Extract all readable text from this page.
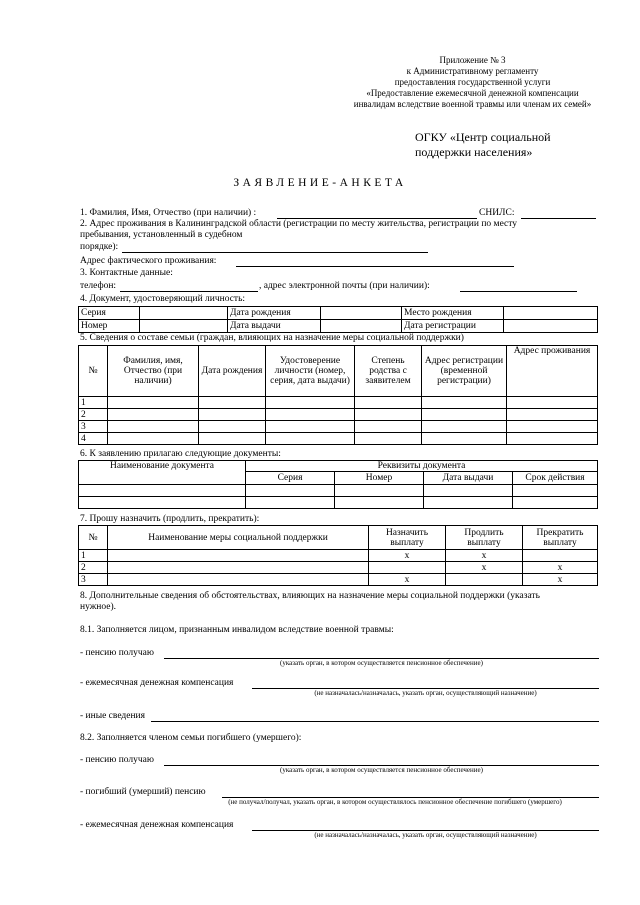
Приложение № 3
к Административному регламенту
предоставления государственной услуги
«Предоставление ежемесячной денежной компенсации
инвалидам вследствие военной травмы или членам их семей»
ОГКУ «Центр социальной
поддержки населения»
ЗАЯВЛЕНИЕ-АНКЕТА
1. Фамилия, Имя, Отчество (при наличии) :	СНИЛС:
2. Адрес проживания в Калининградской области (регистрации по месту жительства, регистрации по месту
пребывания, установленный в судебном
порядке):
Адрес фактического проживания:
3. Контактные данные:
телефон:	, адрес электронной почты (при наличии):
4. Документ, удостоверяющий личность:
Серия		Дата рождения		Место рождения	
Номер		Дата выдачи		Дата регистрации	
5. Сведения о составе семьи (граждан, влияющих на назначение меры социальной поддержки)
№	Фамилия, имя, Отчество (при наличии)	Дата рождения	Удостоверение личности (номер, серия, дата выдачи)	Степень родства с заявителем	Адрес регистрации (временной регистрации)	Адрес проживания
1						
2						
3						
4						
6. К заявлению прилагаю следующие документы:
Наименование документа	Реквизиты документа			
	Серия	Номер	Дата выдачи	Срок действия

7. Прошу назначить (продлить, прекратить):
№	Наименование меры социальной поддержки	Назначить выплату	Продлить выплату	Прекратить выплату
1		x	x	
2			x	x
3		x		x
8. Дополнительные сведения об обстоятельствах, влияющих на назначение меры социальной поддержки (указать
нужное).
8.1. Заполняется лицом, признанным инвалидом вследствие военной травмы:
- пенсию получаю
(указать орган, в котором осуществляется пенсионное обеспечение)
- ежемесячная денежная компенсация
(не назначалась/назначалась, указать орган, осуществляющий назначение)
- иные сведения
8.2. Заполняется членом семьи погибшего (умершего):
- пенсию получаю
(указать орган, в котором осуществляется пенсионное обеспечение)
- погибший (умерший) пенсию
(не получал/получал, указать орган, в котором осуществлялось пенсионное обеспечение погибшего (умершего)
- ежемесячная денежная компенсация
(не назначалась/назначалась, указать орган, осуществляющий назначение)
